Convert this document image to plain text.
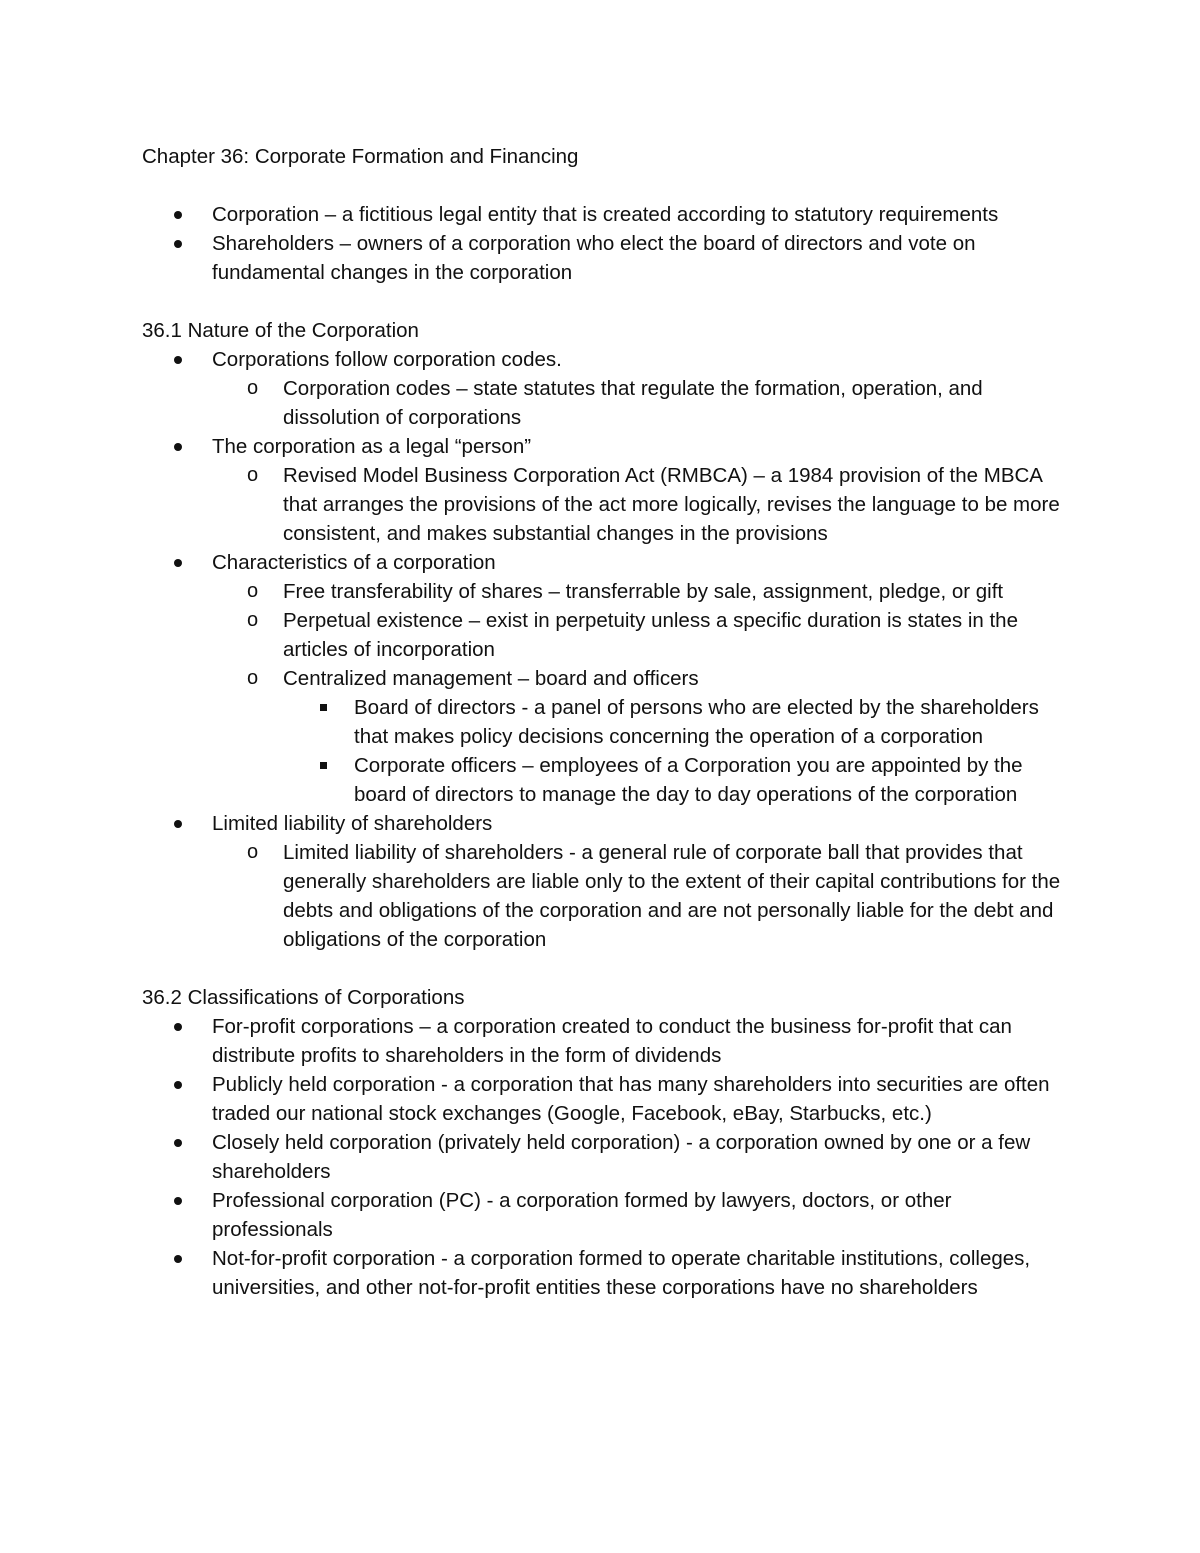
Chapter 36: Corporate Formation and Financing

Corporation – a fictitious legal entity that is created according to statutory requirements
Shareholders – owners of a corporation who elect the board of directors and vote on fundamental changes in the corporation

36.1 Nature of the Corporation

Corporations follow corporation codes.
o Corporation codes – state statutes that regulate the formation, operation, and dissolution of corporations
The corporation as a legal “person”
o Revised Model Business Corporation Act (RMBCA) – a 1984 provision of the MBCA that arranges the provisions of the act more logically, revises the language to be more consistent, and makes substantial changes in the provisions
Characteristics of a corporation
o Free transferability of shares – transferrable by sale, assignment, pledge, or gift
o Perpetual existence – exist in perpetuity unless a specific duration is states in the articles of incorporation
o Centralized management – board and officers
Board of directors - a panel of persons who are elected by the shareholders that makes policy decisions concerning the operation of a corporation
Corporate officers – employees of a Corporation you are appointed by the board of directors to manage the day to day operations of the corporation
Limited liability of shareholders
o Limited liability of shareholders - a general rule of corporate ball that provides that generally shareholders are liable only to the extent of their capital contributions for the debts and obligations of the corporation and are not personally liable for the debt and obligations of the corporation

36.2 Classifications of Corporations

For-profit corporations – a corporation created to conduct the business for-profit that can distribute profits to shareholders in the form of dividends
Publicly held corporation - a corporation that has many shareholders into securities are often traded our national stock exchanges (Google, Facebook, eBay, Starbucks, etc.)
Closely held corporation (privately held corporation) - a corporation owned by one or a few shareholders
Professional corporation (PC) - a corporation formed by lawyers, doctors, or other professionals
Not-for-profit corporation - a corporation formed to operate charitable institutions, colleges, universities, and other not-for-profit entities these corporations have no shareholders
